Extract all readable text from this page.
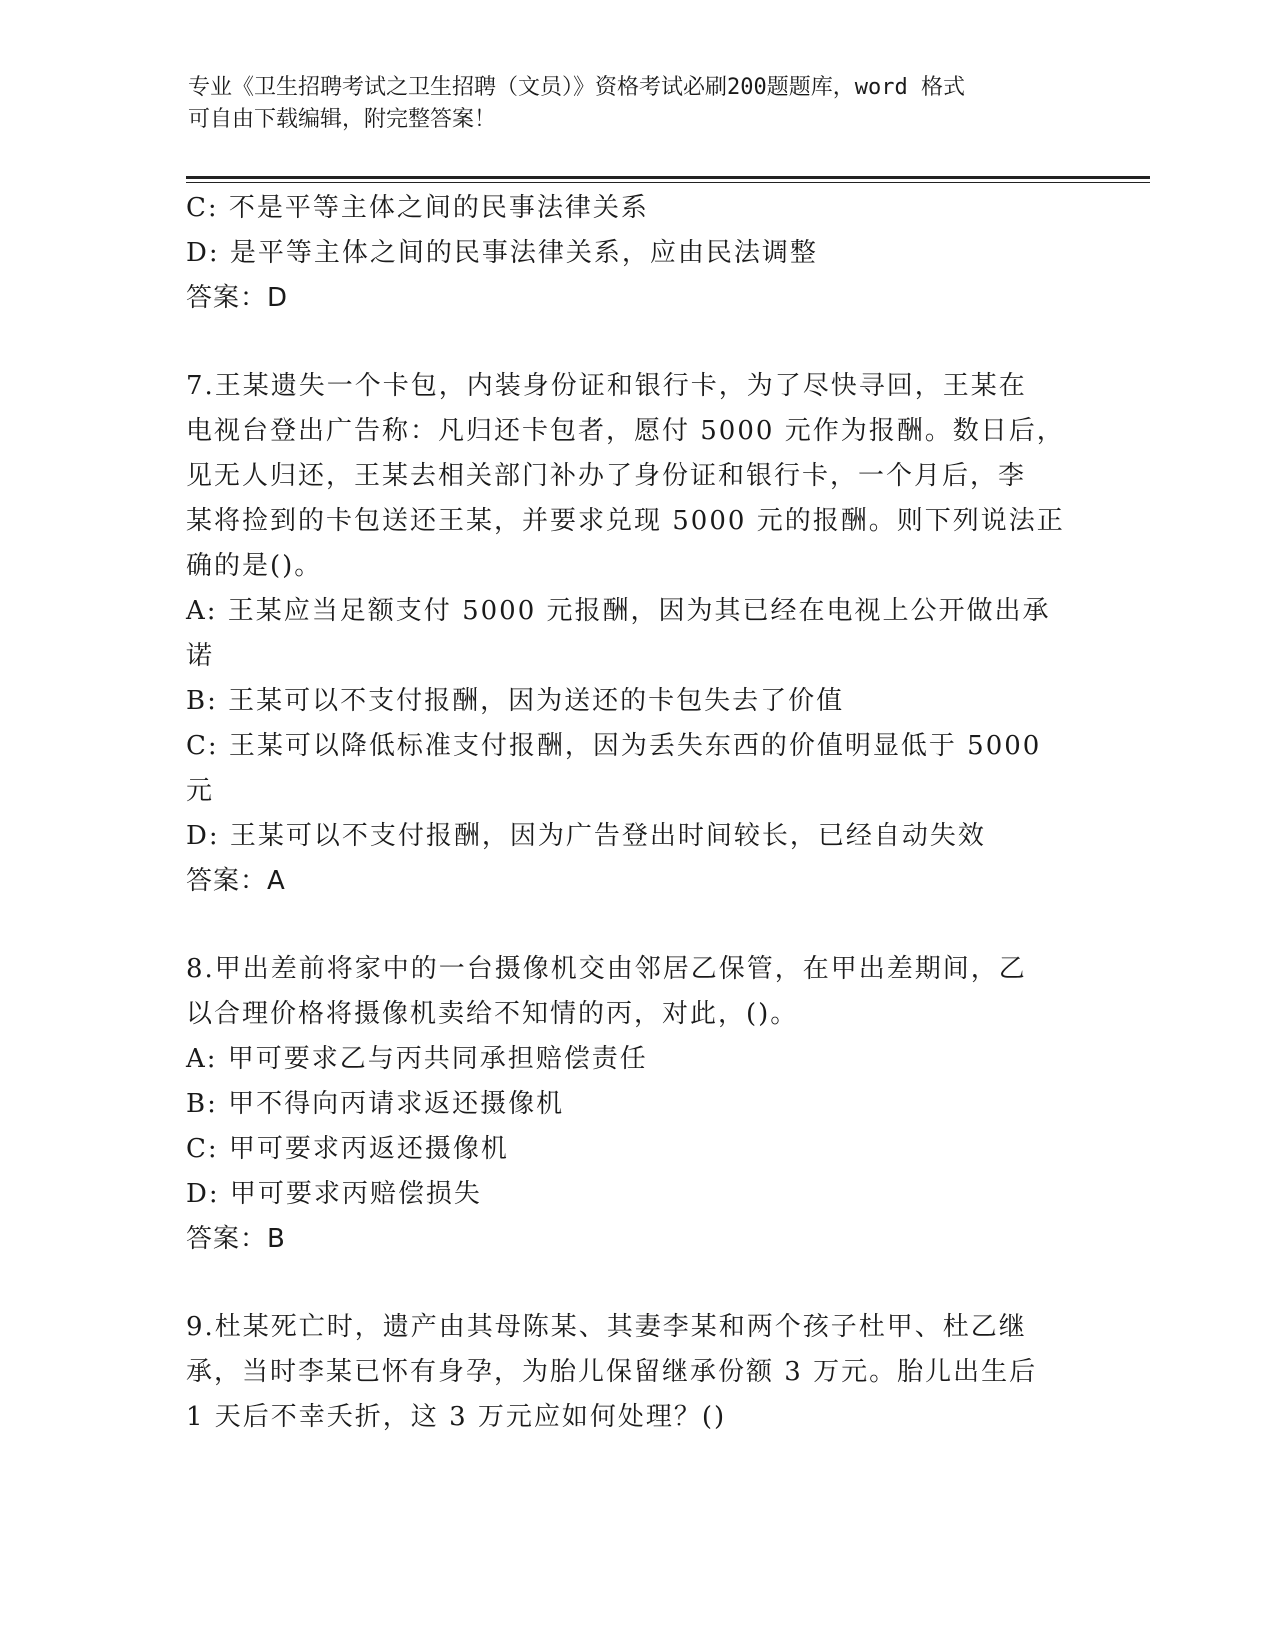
专业《卫生招聘考试之卫生招聘（文员）》资格考试必刷200题题库，word 格式
可自由下载编辑，附完整答案！
C: 不是平等主体之间的民事法律关系
D: 是平等主体之间的民事法律关系，应由民法调整
答案：D
7.王某遗失一个卡包，内装身份证和银行卡，为了尽快寻回，王某在
电视台登出广告称：凡归还卡包者，愿付 5000 元作为报酬。数日后，
见无人归还，王某去相关部门补办了身份证和银行卡，一个月后，李
某将捡到的卡包送还王某，并要求兑现 5000 元的报酬。则下列说法正
确的是()。
A: 王某应当足额支付 5000 元报酬，因为其已经在电视上公开做出承
诺
B: 王某可以不支付报酬，因为送还的卡包失去了价值
C: 王某可以降低标准支付报酬，因为丢失东西的价值明显低于 5000
元
D: 王某可以不支付报酬，因为广告登出时间较长，已经自动失效
答案：A
8.甲出差前将家中的一台摄像机交由邻居乙保管，在甲出差期间，乙
以合理价格将摄像机卖给不知情的丙，对此，()。
A: 甲可要求乙与丙共同承担赔偿责任
B: 甲不得向丙请求返还摄像机
C: 甲可要求丙返还摄像机
D: 甲可要求丙赔偿损失
答案：B
9.杜某死亡时，遗产由其母陈某、其妻李某和两个孩子杜甲、杜乙继
承，当时李某已怀有身孕，为胎儿保留继承份额 3 万元。胎儿出生后
1 天后不幸夭折，这 3 万元应如何处理？()
